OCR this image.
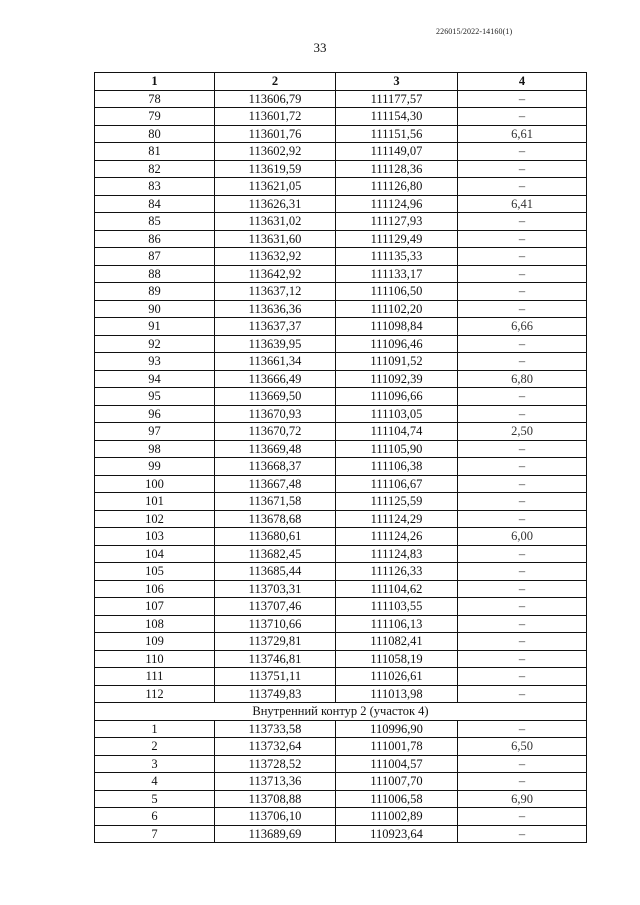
226015/2022-14160(1)
33
1	2	3	4
78	113606,79	111177,57	–
79	113601,72	111154,30	–
80	113601,76	111151,56	6,61
81	113602,92	111149,07	–
82	113619,59	111128,36	–
83	113621,05	111126,80	–
84	113626,31	111124,96	6,41
85	113631,02	111127,93	–
86	113631,60	111129,49	–
87	113632,92	111135,33	–
88	113642,92	111133,17	–
89	113637,12	111106,50	–
90	113636,36	111102,20	–
91	113637,37	111098,84	6,66
92	113639,95	111096,46	–
93	113661,34	111091,52	–
94	113666,49	111092,39	6,80
95	113669,50	111096,66	–
96	113670,93	111103,05	–
97	113670,72	111104,74	2,50
98	113669,48	111105,90	–
99	113668,37	111106,38	–
100	113667,48	111106,67	–
101	113671,58	111125,59	–
102	113678,68	111124,29	–
103	113680,61	111124,26	6,00
104	113682,45	111124,83	–
105	113685,44	111126,33	–
106	113703,31	111104,62	–
107	113707,46	111103,55	–
108	113710,66	111106,13	–
109	113729,81	111082,41	–
110	113746,81	111058,19	–
111	113751,11	111026,61	–
112	113749,83	111013,98	–
Внутренний контур 2 (участок 4)			
1	113733,58	110996,90	–
2	113732,64	111001,78	6,50
3	113728,52	111004,57	–
4	113713,36	111007,70	–
5	113708,88	111006,58	6,90
6	113706,10	111002,89	–
7	113689,69	110923,64	–
